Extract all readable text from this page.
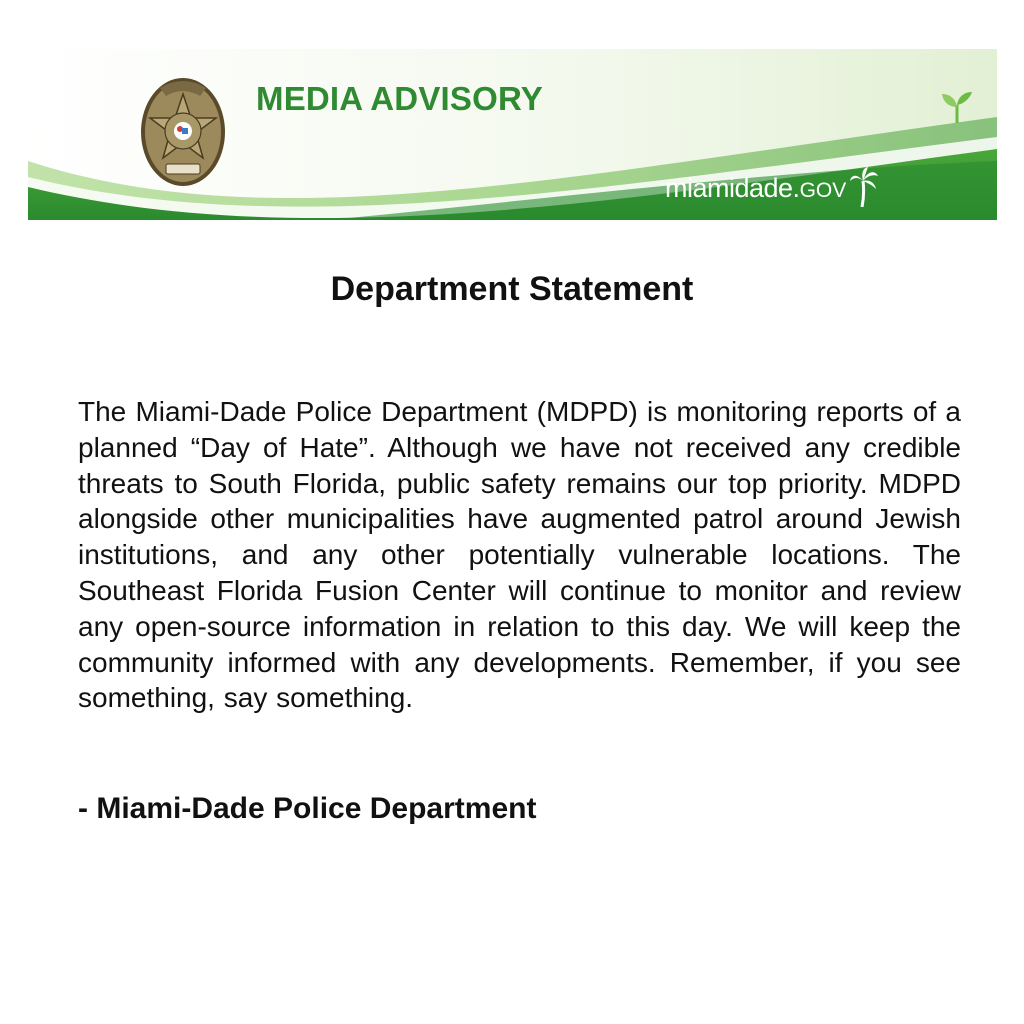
MEDIA ADVISORY
miamidade.GOV
Department Statement

The Miami-Dade Police Department (MDPD) is monitoring reports of a planned “Day of Hate”. Although we have not received any credible threats to South Florida, public safety remains our top priority. MDPD alongside other municipalities have augmented patrol around Jewish institutions, and any other potentially vulnerable locations. The Southeast Florida Fusion Center will continue to monitor and review any open-source information in relation to this day. We will keep the community informed with any developments. Remember, if you see something, say something.

- Miami-Dade Police Department
